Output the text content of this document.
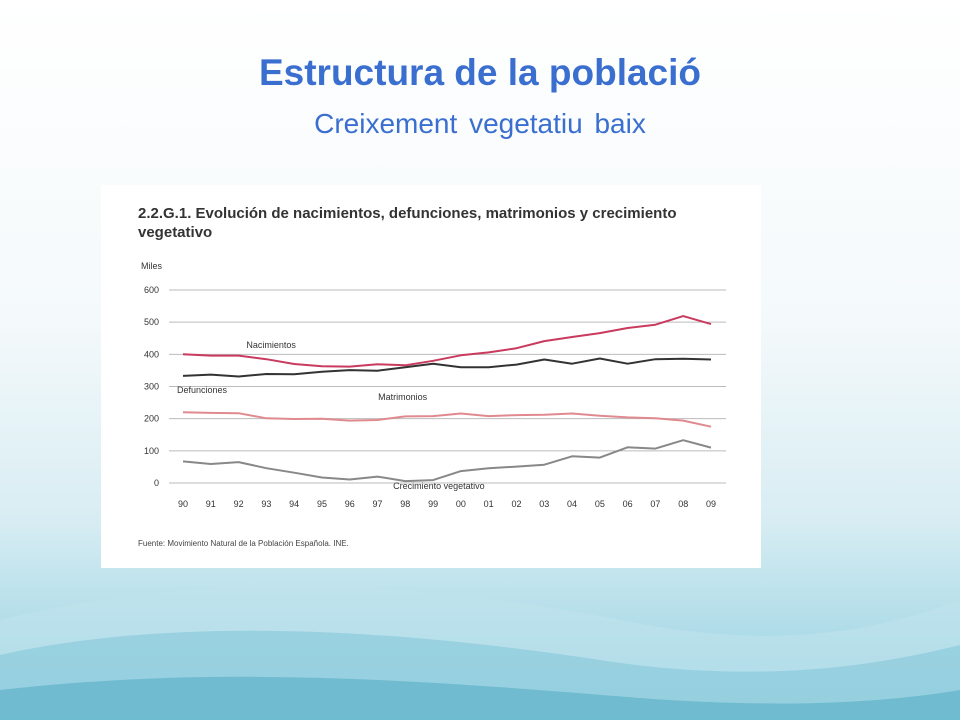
Estructura de la població
Creixement vegetatiu baix
2.2.G.1. Evolución de nacimientos, defunciones, matrimonios y crecimiento vegetativo
Miles
0
100
200
300
400
500
600
90 91 92 93 94 95 96 97 98 99 00 01 02 03 04 05 06 07 08 09
Nacimientos
Defunciones
Matrimonios
Crecimiento vegetativo
Fuente: Movimiento Natural de la Población Española. INE.
